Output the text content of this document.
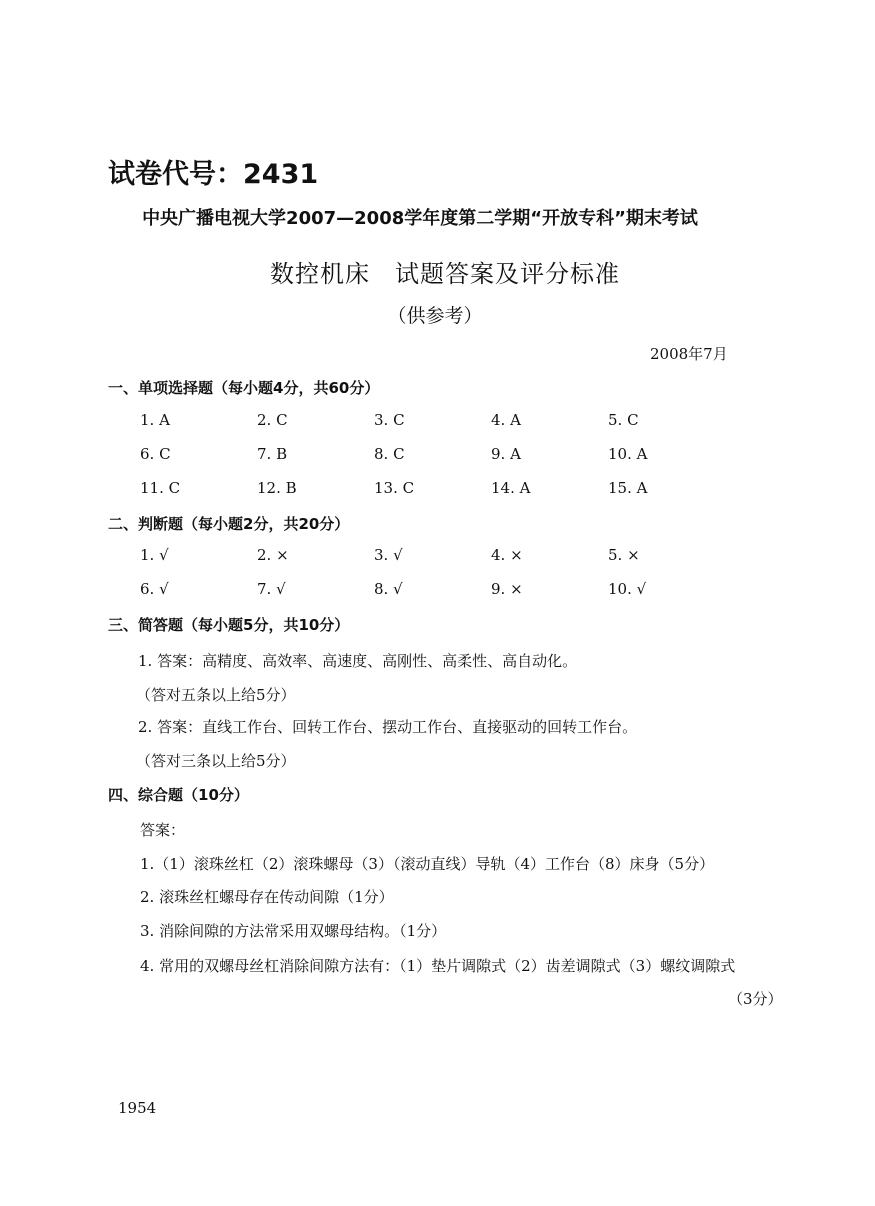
试卷代号：2431
中央广播电视大学2007—2008学年度第二学期“开放专科”期末考试
数控机床　试题答案及评分标准
（供参考）
2008年7月
一、单项选择题（每小题4分，共60分）
1. A	2. C	3. C	4. A	5. C
6. C	7. B	8. C	9. A	10. A
11. C	12. B	13. C	14. A	15. A
二、判断题（每小题2分，共20分）
1. √	2. ×	3. √	4. ×	5. ×
6. √	7. √	8. √	9. ×	10. √
三、简答题（每小题5分，共10分）
1. 答案：高精度、高效率、高速度、高刚性、高柔性、高自动化。
（答对五条以上给5分）
2. 答案：直线工作台、回转工作台、摆动工作台、直接驱动的回转工作台。
（答对三条以上给5分）
四、综合题（10分）
答案：
1.（1）滚珠丝杠（2）滚珠螺母（3）（滚动直线）导轨（4）工作台（8）床身（5分）
2. 滚珠丝杠螺母存在传动间隙（1分）
3. 消除间隙的方法常采用双螺母结构。（1分）
4. 常用的双螺母丝杠消除间隙方法有：（1）垫片调隙式（2）齿差调隙式（3）螺纹调隙式
（3分）
1954
